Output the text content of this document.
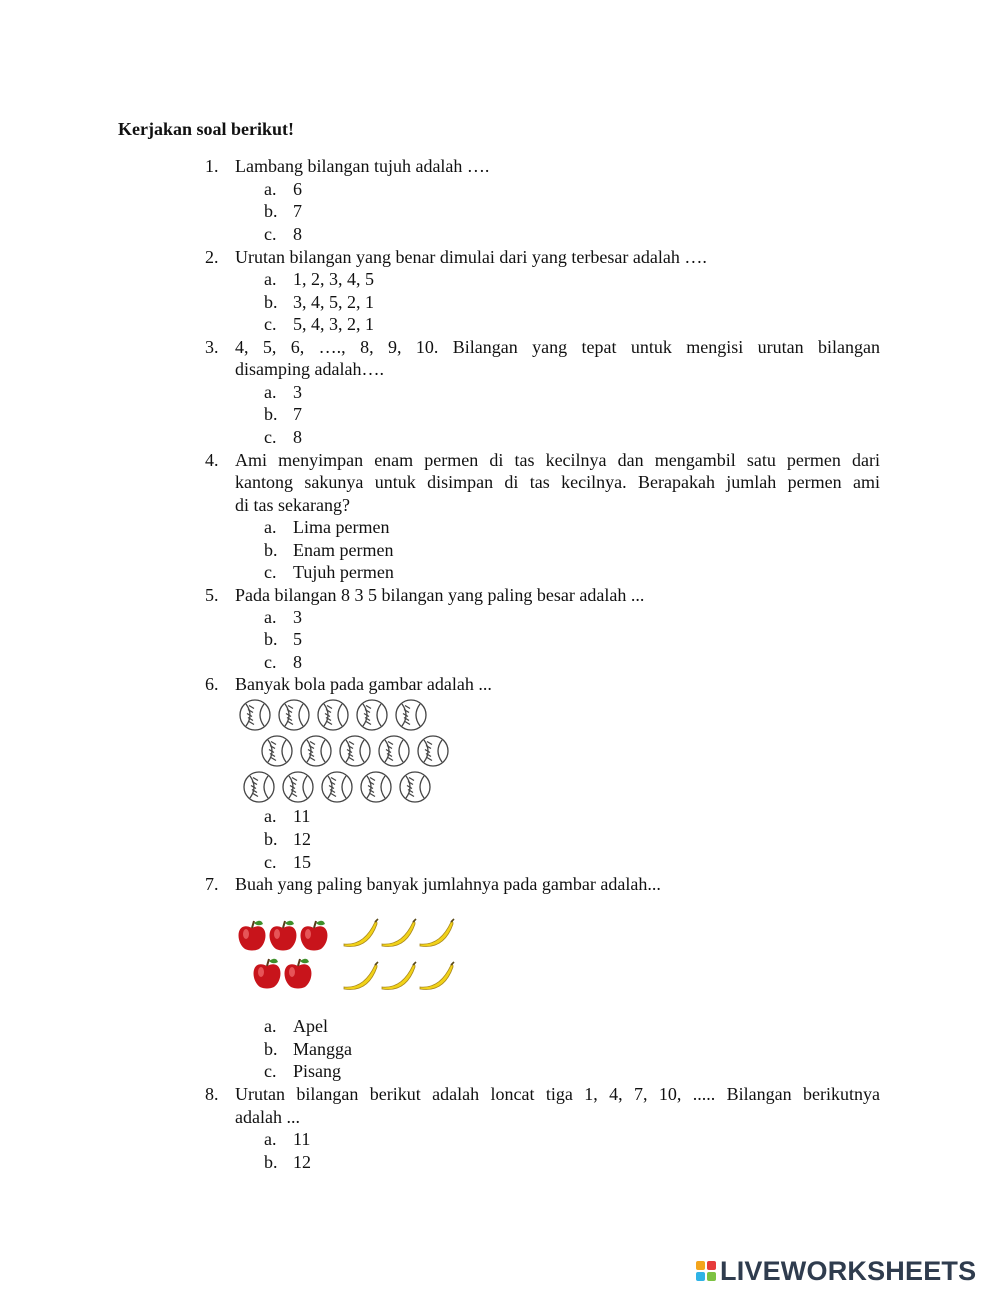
Kerjakan soal berikut!
1. Lambang bilangan tujuh adalah ….
a. 6
b. 7
c. 8
2. Urutan bilangan yang benar dimulai dari yang terbesar adalah ….
a. 1, 2, 3, 4, 5
b. 3, 4, 5, 2, 1
c. 5, 4, 3, 2, 1
3. 4, 5, 6, …., 8, 9, 10. Bilangan yang tepat untuk mengisi urutan bilangan
disamping adalah….
a. 3
b. 7
c. 8
4. Ami menyimpan enam permen di tas kecilnya dan mengambil satu permen dari
kantong sakunya untuk disimpan di tas kecilnya. Berapakah jumlah permen ami
di tas sekarang?
a. Lima permen
b. Enam permen
c. Tujuh permen
5. Pada bilangan 8 3 5 bilangan yang paling besar adalah ...
a. 3
b. 5
c. 8
6. Banyak bola pada gambar adalah ...
a. 11
b. 12
c. 15
7. Buah yang paling banyak jumlahnya pada gambar adalah...
a. Apel
b. Mangga
c. Pisang
8. Urutan bilangan berikut adalah loncat tiga 1, 4, 7, 10, ..... Bilangan berikutnya
adalah ...
a. 11
b. 12
LIVEWORKSHEETS
